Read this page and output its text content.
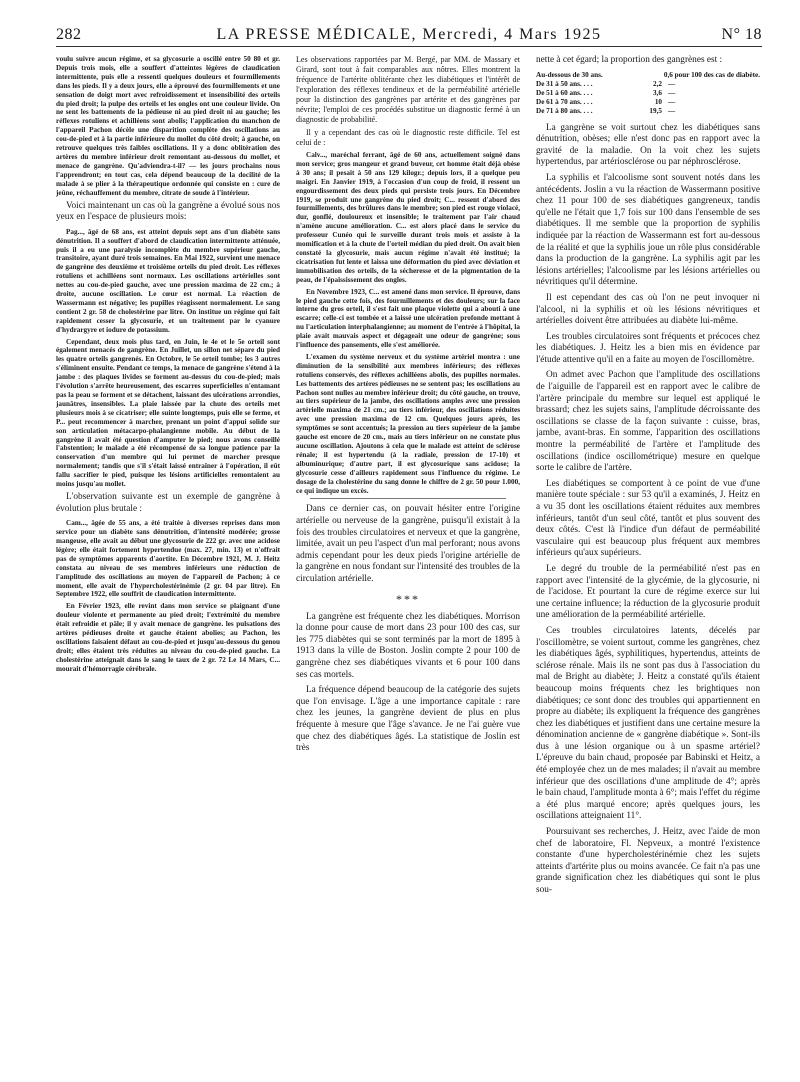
282	LA PRESSE MÉDICALE, Mercredi, 4 Mars 1925	N° 18

voulu suivre aucun régime, et sa glycosurie a oscillé entre 50 80 et gr. Depuis trois mois, elle a souffert d'atteintes légères de claudication intermittente, puis elle a ressenti quelques douleurs et fourmillements dans les pieds. Il y a deux jours, elle a éprouvé des fourmillements et une sensation de doigt mort avec refroidissement et insensibilité des orteils du pied droit; la pulpe des orteils et les ongles ont une couleur livide. On ne sent les battements de la pédieuse ni au pied droit ni au gauche; les réflexes rotuliens et achilléens sont abolis; l'application du manchon de l'appareil Pachon décèle une disparition complète des oscillations au cou-de-pied et à la partie inférieure du mollet du côté droit; à gauche, on retrouve quelques très faibles oscillations. Il y a donc oblitération des artères du membre inférieur droit remontant au-dessous du mollet, et menace de gangrène. Qu'adviendra-t-il? — les jours prochains nous l'apprendront; en tout cas, cela dépend beaucoup de la docilité de la malade à se plier à la thérapeutique ordonnée qui consiste en : cure de jeûne, réchauffement du membre, citrate de soude à l'intérieur.

Voici maintenant un cas où la gangrène a évolué sous nos yeux en l'espace de plusieurs mois:

Pag..., âgé de 68 ans, est atteint depuis sept ans d'un diabète sans dénutrition. Il a souffert d'abord de claudication intermittente atténuée, puis il a eu une paralysie incomplète du membre supérieur gauche, transitoire, ayant duré trois semaines. En Mai 1922, survient une menace de gangrène des deuxième et troisième orteils du pied droit. Les réflexes rotuliens et achilléens sont normaux. Les oscillations artérielles sont nettes au cou-de-pied gauche, avec une pression maxima de 22 cm.; à droite, aucune oscillation. Le cœur est normal. La réaction de Wassermann est négative; les pupilles réagissent normalement. Le sang contient 2 gr. 58 de cholestérine par litre. On institue un régime qui fait rapidement cesser la glycosurie, et un traitement par le cyanure d'hydrargyre et iodure de potassium.

Cependant, deux mois plus tard, en Juin, le 4e et le 5e orteil sont également menacés de gangrène. En Juillet, un sillon net sépare du pied les quatre orteils gangrenés. En Octobre, le 5e orteil tombe; les 3 autres s'éliminent ensuite. Pendant ce temps, la menace de gangrène s'étend à la jambe : des plaques livides se forment au-dessus du cou-de-pied; mais l'évolution s'arrête heureusement, des escarres superficielles n'entamant pas la peau se forment et se détachent, laissant des ulcérations arrondies, jaunâtres, insensibles. La plaie laissée par la chute des orteils met plusieurs mois à se cicatriser; elle suinte longtemps, puis elle se ferme, et P... peut recommencer à marcher, prenant un point d'appui solide sur son articulation métacarpo-phalangienne mobile. Au début de la gangrène il avait été question d'amputer le pied; nous avons conseillé l'abstention; le malade a été récompensé de sa longue patience par la conservation d'un membre qui lui permet de marcher presque normalement; tandis que s'il s'était laissé entraîner à l'opération, il eût fallu sacrifier le pied, puisque les lésions artificielles remontaient au moins jusqu'au mollet.

L'observation suivante est un exemple de gangrène à évolution plus brutale :

Cam..., âgée de 55 ans, a été traitée à diverses reprises dans mon service pour un diabète sans dénutrition, d'intensité modérée; grosse mangeuse, elle avait au début une glycosurie de 222 gr. avec une acidose légère; elle était fortement hypertendue (max. 27, min. 13) et n'offrait pas de symptômes apparents d'aortite. En Décembre 1921, M. J. Heitz constata au niveau de ses membres inférieurs une réduction de l'amplitude des oscillations au moyen de l'appareil de Pachon; à ce moment, elle avait de l'hypercholestérinémie (2 gr. 04 par litre). En Septembre 1922, elle souffrit de claudication intermittente.

En Février 1923, elle revint dans mon service se plaignant d'une douleur violente et permanente au pied droit; l'extrémité du membre était refroidie et pâle; il y avait menace de gangrène. les pulsations des artères pédieuses droite et gauche étaient abolies; au Pachon, les oscillations faisaient défaut au cou-de-pied et jusqu'au-dessous du genou droit; elles étaient très réduites au niveau du cou-de-pied gauche. La cholestérine atteignait dans le sang le taux de 2 gr. 72 Le 14 Mars, C... mourait d'hémorragie cérébrale.

Les observations rapportées par M. Bergé, par MM. de Massary et Girard, sont tout à fait comparables aux nôtres. Elles montrent la fréquence de l'artérite oblitérante chez les diabétiques et l'intérêt de l'exploration des réflexes tendineux et de la perméabilité artérielle pour la distinction des gangrènes par artérite et des gangrènes par névrite; l'emploi de ces procédés substitue un diagnostic fermé à un diagnostic de probabilité.

Il y a cependant des cas où le diagnostic reste difficile. Tel est celui de :

Calv..., maréchal ferrant, âgé de 60 ans, actuellement soigné dans mon service; gros mangeur et grand buveur, cet homme était déjà obèse à 30 ans; il pesait à 50 ans 129 kilogr.; depuis lors, il a quelque peu maigri. En Janvier 1919, à l'occasion d'un coup de froid, il ressent un engourdissement des deux pieds qui persiste trois jours. En Décembre 1919, se produit une gangrène du pied droit; C... ressent d'abord des fourmillements, des brûlures dans le membre; son pied est rouge violacé, dur, gonflé, douloureux et insensible; le traitement par l'air chaud n'amène aucune amélioration. C... est alors placé dans le service du professeur Cunéo qui le surveille durant trois mois et assiste à la momification et à la chute de l'orteil médian du pied droit. On avait bien constaté la glycosurie, mais aucun régime n'avait été institué; la cicatrisation fut lente et laissa une déformation du pied avec déviation et immobilisation des orteils, de la sécheresse et de la pigmentation de la peau, de l'épaississement des ongles.

En Novembre 1923, C... est amené dans mon service. Il éprouve, dans le pied gauche cette fois, des fourmillements et des douleurs; sur la face interne du gros orteil, il s'est fait une plaque violette qui a abouti à une escarre; celle-ci est tombée et a laissé une ulcération profonde mettant à nu l'articulation interphalangienne; au moment de l'entrée à l'hôpital, la plaie avait mauvais aspect et dégageait une odeur de gangrène; sous l'influence des pansements, elle s'est améliorée.

L'examen du système nerveux et du système artériel montra : une diminution de la sensibilité aux membres inférieurs; des réflexes rotuliens conservés, des réflexes achilléens abolis, des pupilles normales. Les battements des artères pédieuses ne se sentent pas; les oscillations au Pachon sont nulles au membre inférieur droit; du côté gauche, on trouve, au tiers supérieur de la jambe, des oscillations amples avec une pression artérielle maxima de 21 cm.; au tiers inférieur, des oscillations réduites avec une pression maxima de 12 cm. Quelques jours après, les symptômes se sont accentués; la pression au tiers supérieur de la jambe gauche est encore de 20 cm., mais au tiers inférieur on ne constate plus aucune oscillation. Ajoutons à cela que le malade est atteint de sclérose rénale; il est hypertendu (à la radiale, pression de 17-10) et albuminurique; d'autre part, il est glycosurique sans acidose; la glycosurie cesse d'ailleurs rapidement sous l'influence du régime. Le dosage de la cholestérine du sang donne le chiffre de 2 gr. 50 pour 1.000, ce qui indique un excès.

Dans ce dernier cas, on pouvait hésiter entre l'origine artérielle ou nerveuse de la gangrène, puisqu'il existait à la fois des troubles circulatoires et nerveux et que la gangrène, limitée, avait un peu l'aspect d'un mal perforant; nous avons admis cependant pour les deux pieds l'origine artérielle de la gangrène en nous fondant sur l'intensité des troubles de la circulation artérielle.

***

La gangrène est fréquente chez les diabétiques. Morrison la donne pour cause de mort dans 23 pour 100 des cas, sur les 775 diabètes qui se sont terminés par la mort de 1895 à 1913 dans la ville de Boston. Joslin compte 2 pour 100 de gangrène chez ses diabétiques vivants et 6 pour 100 dans ses cas mortels.

La fréquence dépend beaucoup de la catégorie des sujets que l'on envisage. L'âge a une importance capitale : rare chez les jeunes, la gangrène devient de plus en plus fréquente à mesure que l'âge s'avance. Je ne l'ai guère vue que chez des diabétiques âgés. La statistique de Joslin est très

nette à cet égard; la proportion des gangrènes est :

Au-dessous de 30 ans.	0,6 pour 100 des cas de diabète.
De 31 à 50 ans. . . .	2,2 —
De 51 à 60 ans. . . .	3,6 —
De 61 à 70 ans. . . .	10 —
De 71 à 80 ans. . . .	19,5 —

La gangrène se voit surtout chez les diabétiques sans dénutrition, obèses; elle n'est donc pas en rapport avec la gravité de la maladie. On la voit chez les sujets hypertendus, par artériosclérose ou par néphrosclérose.

La syphilis et l'alcoolisme sont souvent notés dans les antécédents. Joslin a vu la réaction de Wassermann positive chez 11 pour 100 de ses diabétiques gangreneux, tandis qu'elle ne l'était que 1,7 fois sur 100 dans l'ensemble de ses diabétiques. Il me semble que la proportion de syphilis indiquée par la réaction de Wassermann est fort au-dessous de la réalité et que la syphilis joue un rôle plus considérable dans la production de la gangrène. La syphilis agit par les lésions artérielles; l'alcoolisme par les lésions artérielles ou névritiques qu'il détermine.

Il est cependant des cas où l'on ne peut invoquer ni l'alcool, ni la syphilis et où les lésions névritiques et artérielles doivent être attribuées au diabète lui-même.

Les troubles circulatoires sont fréquents et précoces chez les diabétiques. J. Heitz les a bien mis en évidence par l'étude attentive qu'il en a faite au moyen de l'oscillomètre.

On admet avec Pachon que l'amplitude des oscillations de l'aiguille de l'appareil est en rapport avec le calibre de l'artère principale du membre sur lequel est appliqué le brassard; chez les sujets sains, l'amplitude décroissante des oscillations se classe de la façon suivante : cuisse, bras, jambe, avant-bras. En somme, l'apparition des oscillations montre la perméabilité de l'artère et l'amplitude des oscillations (indice oscillométrique) mesure en quelque sorte le calibre de l'artère.

Les diabétiques se comportent à ce point de vue d'une manière toute spéciale : sur 53 qu'il a examinés, J. Heitz en a vu 35 dont les oscillations étaient réduites aux membres inférieurs, tantôt d'un seul côté, tantôt et plus souvent des deux côtés. C'est là l'indice d'un défaut de perméabilité vasculaire qui est beaucoup plus fréquent aux membres inférieurs qu'aux supérieurs.

Le degré du trouble de la perméabilité n'est pas en rapport avec l'intensité de la glycémie, de la glycosurie, ni de l'acidose. Et pourtant la cure de régime exerce sur lui une certaine influence; la réduction de la glycosurie produit une amélioration de la perméabilité artérielle.

Ces troubles circulatoires latents, décelés par l'oscillomètre, se voient surtout, comme les gangrènes, chez les diabétiques âgés, syphilitiques, hypertendus, atteints de sclérose rénale. Mais ils ne sont pas dus à l'association du mal de Bright au diabète; J. Heitz a constaté qu'ils étaient beaucoup moins fréquents chez les brightiques non diabétiques; ce sont donc des troubles qui appartiennent en propre au diabète; ils expliquent la fréquence des gangrènes chez les diabétiques et justifient dans une certaine mesure la dénomination ancienne de « gangrène diabétique ». Sont-ils dus à une lésion organique ou à un spasme artériel? L'épreuve du bain chaud, proposée par Babinski et Heitz, a été employée chez un de mes malades; il n'avait au membre inférieur que des oscillations d'une amplitude de 4°; après le bain chaud, l'amplitude monta à 6°; mais l'effet du régime a été plus marqué encore; après quelques jours, les oscillations atteignaient 11°.

Poursuivant ses recherches, J. Heitz, avec l'aide de mon chef de laboratoire, Fl. Nepveux, a montré l'existence constante d'une hypercholestérinémie chez les sujets atteints d'artérite plus ou moins avancée. Ce fait n'a pas une grande signification chez les diabétiques qui sont le plus sou-
